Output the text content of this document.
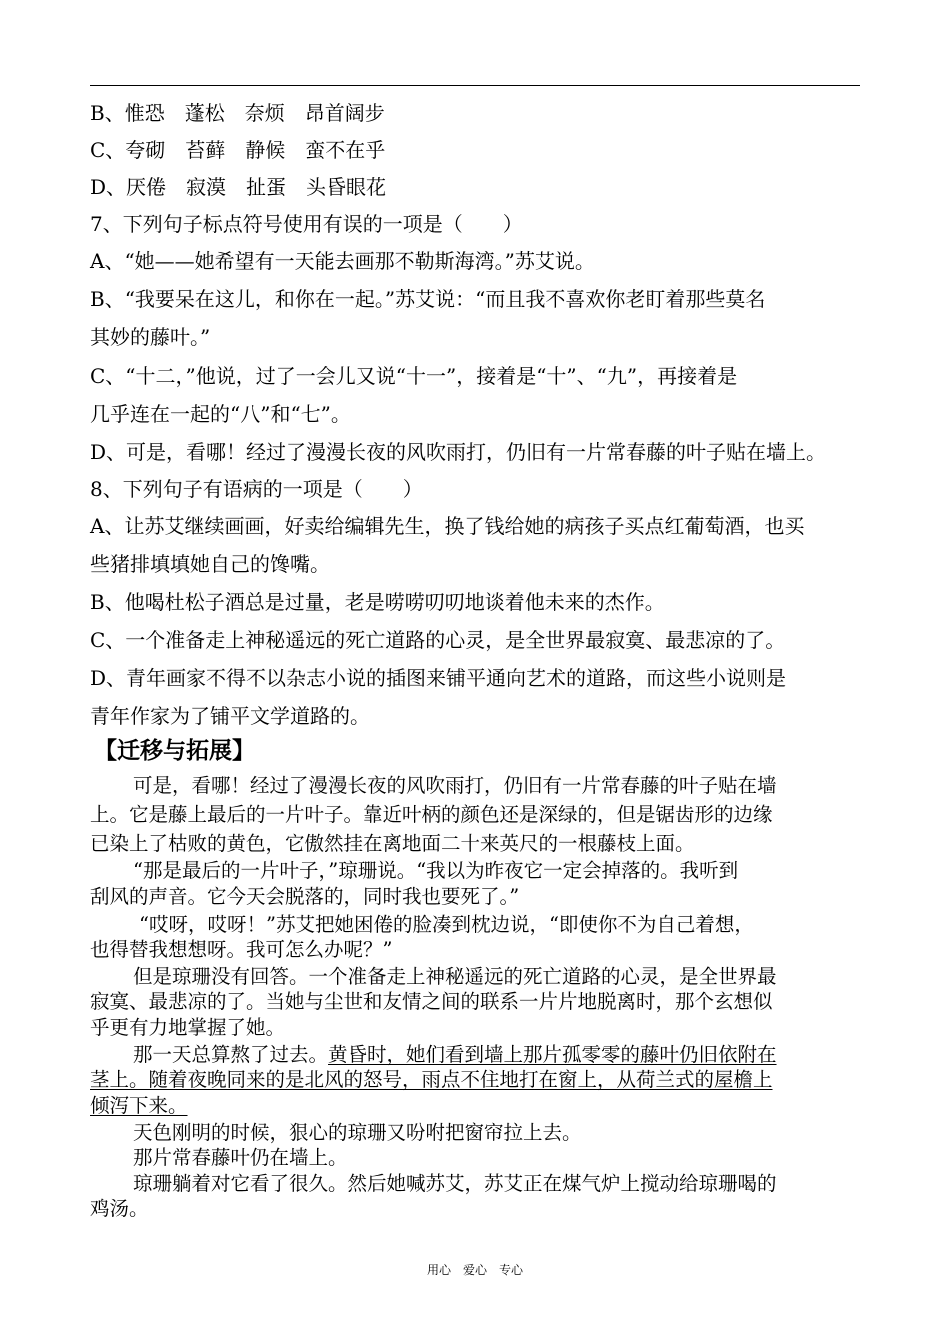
B、惟恐　蓬松　奈烦　昂首阔步
C、夸砌　苔藓　静候　蛮不在乎
D、厌倦　寂漠　扯蛋　头昏眼花
7、下列句子标点符号使用有误的一项是（　　）
A、“她——她希望有一天能去画那不勒斯海湾。”苏艾说。
B、“我要呆在这儿，和你在一起。”苏艾说：“而且我不喜欢你老盯着那些莫名
其妙的藤叶。”
C、“十二，”他说，过了一会儿又说“十一”，接着是“十”、“九”，再接着是
几乎连在一起的“八”和“七”。
D、可是，看哪！经过了漫漫长夜的风吹雨打，仍旧有一片常春藤的叶子贴在墙上。
8、下列句子有语病的一项是（　　）
A、让苏艾继续画画，好卖给编辑先生，换了钱给她的病孩子买点红葡萄酒，也买
些猪排填填她自己的馋嘴。
B、他喝杜松子酒总是过量，老是唠唠叨叨地谈着他未来的杰作。
C、一个准备走上神秘遥远的死亡道路的心灵，是全世界最寂寞、最悲凉的了。
D、青年画家不得不以杂志小说的插图来铺平通向艺术的道路，而这些小说则是
青年作家为了铺平文学道路的。
【迁移与拓展】
可是，看哪！经过了漫漫长夜的风吹雨打，仍旧有一片常春藤的叶子贴在墙
上。它是藤上最后的一片叶子。靠近叶柄的颜色还是深绿的，但是锯齿形的边缘
已染上了枯败的黄色，它傲然挂在离地面二十来英尺的一根藤枝上面。
“那是最后的一片叶子，”琼珊说。“我以为昨夜它一定会掉落的。我听到
刮风的声音。它今天会脱落的，同时我也要死了。”
“哎呀，哎呀！”苏艾把她困倦的脸凑到枕边说，“即使你不为自己着想，
也得替我想想呀。我可怎么办呢？”
但是琼珊没有回答。一个准备走上神秘遥远的死亡道路的心灵，是全世界最
寂寞、最悲凉的了。当她与尘世和友情之间的联系一片片地脱离时，那个玄想似
乎更有力地掌握了她。
那一天总算熬了过去。黄昏时，她们看到墙上那片孤零零的藤叶仍旧依附在
茎上。随着夜晚同来的是北风的怒号，雨点不住地打在窗上，从荷兰式的屋檐上
倾泻下来。
天色刚明的时候，狠心的琼珊又吩咐把窗帘拉上去。
那片常春藤叶仍在墙上。
琼珊躺着对它看了很久。然后她喊苏艾，苏艾正在煤气炉上搅动给琼珊喝的
鸡汤。
用心　爱心　专心
